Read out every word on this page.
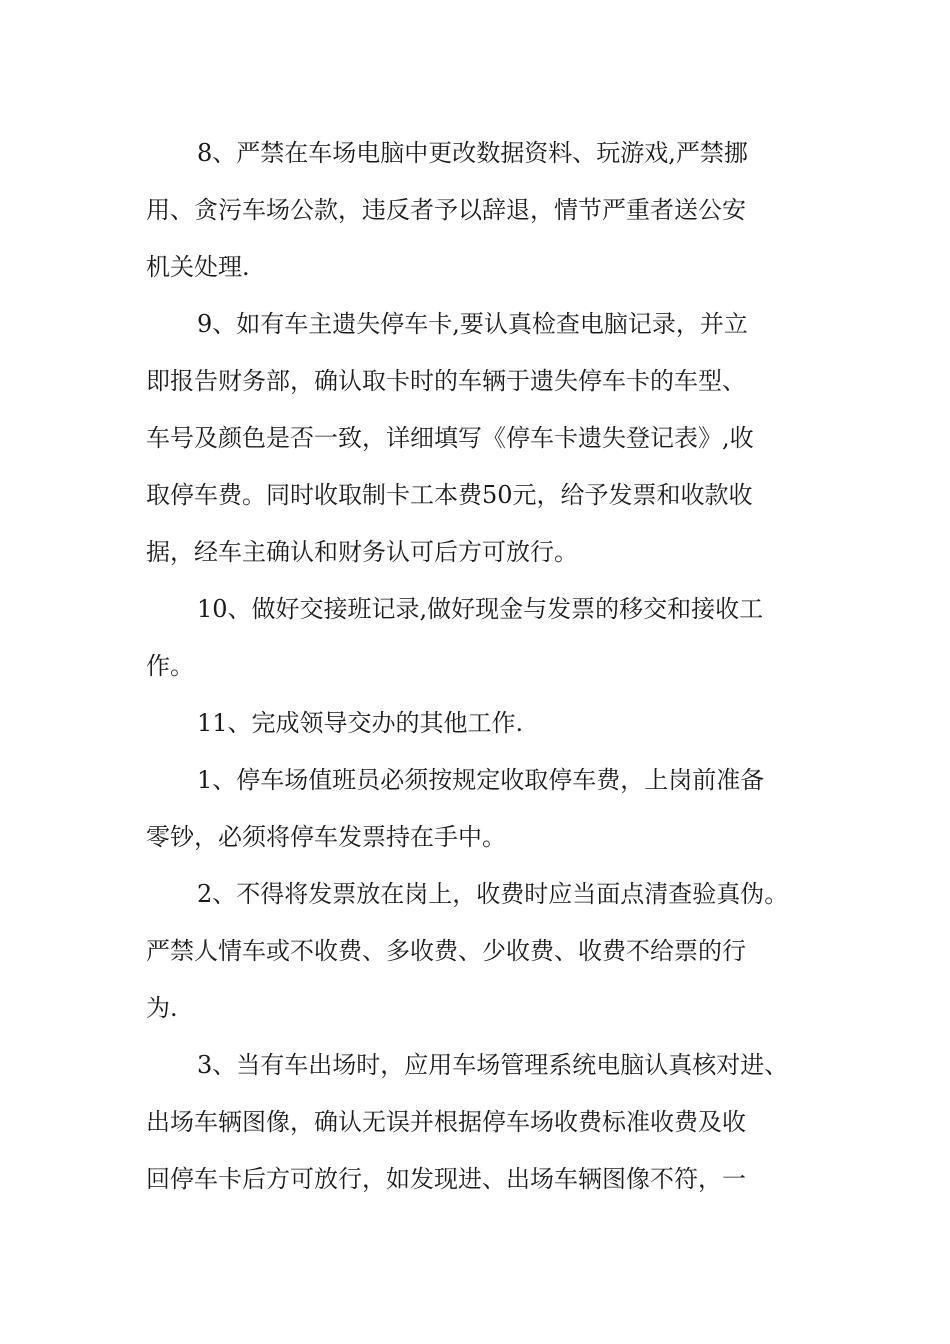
8、严禁在车场电脑中更改数据资料、玩游戏,严禁挪
用、贪污车场公款，违反者予以辞退，情节严重者送公安
机关处理.
9、如有车主遗失停车卡,要认真检查电脑记录，并立
即报告财务部，确认取卡时的车辆于遗失停车卡的车型、
车号及颜色是否一致，详细填写《停车卡遗失登记表》,收
取停车费。同时收取制卡工本费50元，给予发票和收款收
据，经车主确认和财务认可后方可放行。
10、做好交接班记录,做好现金与发票的移交和接收工
作。
11、完成领导交办的其他工作.
1、停车场值班员必须按规定收取停车费，上岗前准备
零钞，必须将停车发票持在手中。
2、不得将发票放在岗上，收费时应当面点清查验真伪。
严禁人情车或不收费、多收费、少收费、收费不给票的行
为.
3、当有车出场时，应用车场管理系统电脑认真核对进、
出场车辆图像，确认无误并根据停车场收费标准收费及收
回停车卡后方可放行，如发现进、出场车辆图像不符，一
